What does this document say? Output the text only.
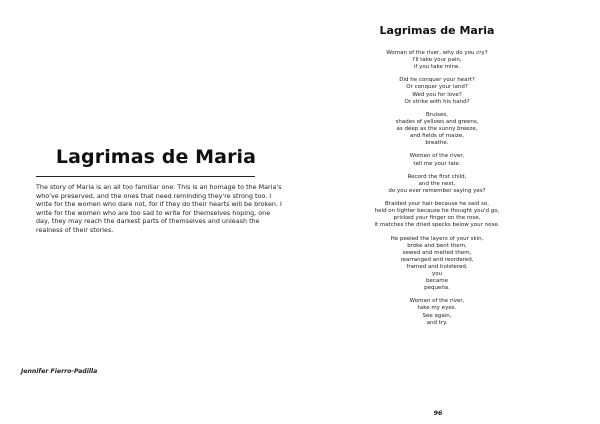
Lagrimas de Maria

The story of Maria is an all too familiar one. This is an homage to the Maria's who've preserved, and the ones that need reminding they're strong too. I write for the women who dare not, for if they do their hearts will be broken. I write for the women who are too sad to write for themselves hoping, one day, they may reach the darkest parts of themselves and unleash the realness of their stories.

Jennifer Fierro-Padilla

Lagrimas de Maria

Woman of the river, why do you cry?
I'll take your pain,
if you take mine.

Did he conquer your heart?
Or conquer your land?
Wed you for love?
Or strike with his hand?

Bruises,
shades of yellows and greens,
as deep as the sunny breeze,
and fields of maize,
breathe.

Woman of the river,
tell me your tale.

Record the first child,
and the next,
do you ever remember saying yes?

Braided your hair because he said so,
held on tighter because he thought you'd go,
pricked your finger on the rose,
it matches the dried specks below your nose.

He peeled the layers of your skin,
broke and bent them,
sewed and melted them,
rearranged and reordered,
framed and holstered,
you
became
pequeña.

Woman of the river,
take my eyes.
See again,
and try.

96
